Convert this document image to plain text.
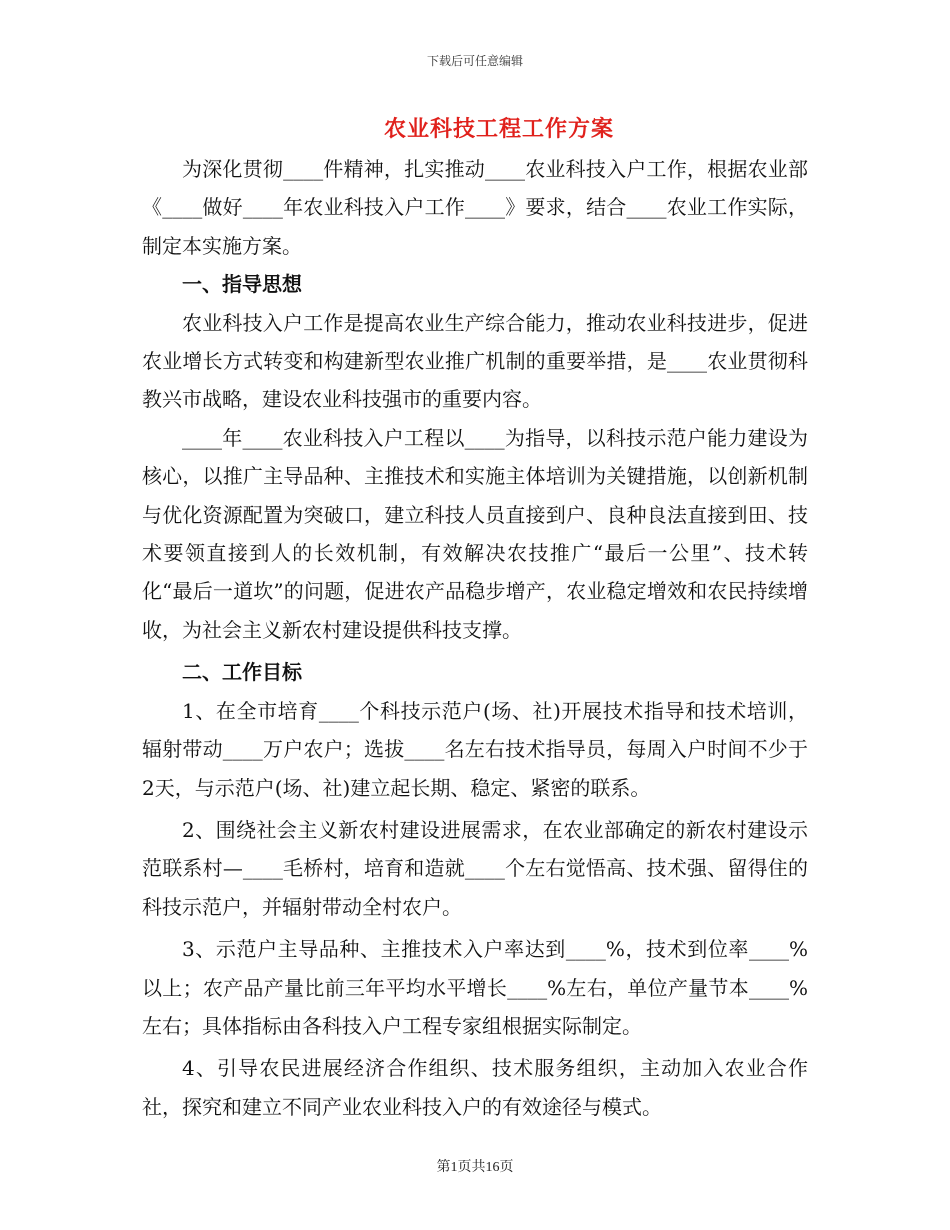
下载后可任意编辑
农业科技工程工作方案

为深化贯彻____件精神，扎实推动____农业科技入户工作，根据农业部《____做好____年农业科技入户工作____》要求，结合____农业工作实际，制定本实施方案。

一、指导思想

农业科技入户工作是提高农业生产综合能力，推动农业科技进步，促进农业增长方式转变和构建新型农业推广机制的重要举措，是____农业贯彻科教兴市战略，建设农业科技强市的重要内容。

____年____农业科技入户工程以____为指导，以科技示范户能力建设为核心，以推广主导品种、主推技术和实施主体培训为关键措施，以创新机制与优化资源配置为突破口，建立科技人员直接到户、良种良法直接到田、技术要领直接到人的长效机制，有效解决农技推广“最后一公里”、技术转化“最后一道坎”的问题，促进农产品稳步增产，农业稳定增效和农民持续增收，为社会主义新农村建设提供科技支撑。

二、工作目标

1、在全市培育____个科技示范户(场、社)开展技术指导和技术培训，辐射带动____万户农户；选拔____名左右技术指导员，每周入户时间不少于2天，与示范户(场、社)建立起长期、稳定、紧密的联系。

2、围绕社会主义新农村建设进展需求，在农业部确定的新农村建设示范联系村—____毛桥村，培育和造就____个左右觉悟高、技术强、留得住的科技示范户，并辐射带动全村农户。

3、示范户主导品种、主推技术入户率达到____%，技术到位率____%以上；农产品产量比前三年平均水平增长____%左右，单位产量节本____%左右；具体指标由各科技入户工程专家组根据实际制定。

4、引导农民进展经济合作组织、技术服务组织，主动加入农业合作社，探究和建立不同产业农业科技入户的有效途径与模式。

第1页共16页
